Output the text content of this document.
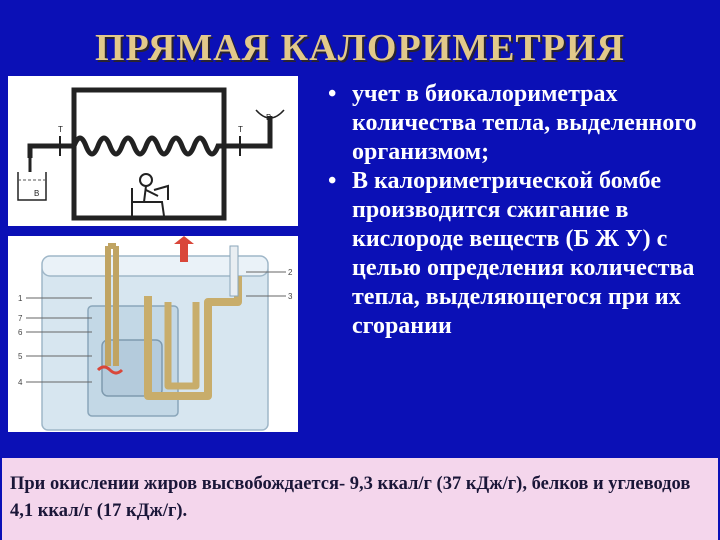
ПРЯМАЯ КАЛОРИМЕТРИЯ
T	T
B
B
1
7
6
5
4
2
3
• учет в биокалориметрах количества тепла, выделенного организмом;
• В калориметрической бомбе производится сжигание в кислороде веществ (Б Ж У) с целью определения количества тепла, выделяющегося при их сгорании
При окислении жиров высвобождается- 9,3 ккал/г (37 кДж/г), белков и углеводов 4,1 ккал/г (17 кДж/г).
